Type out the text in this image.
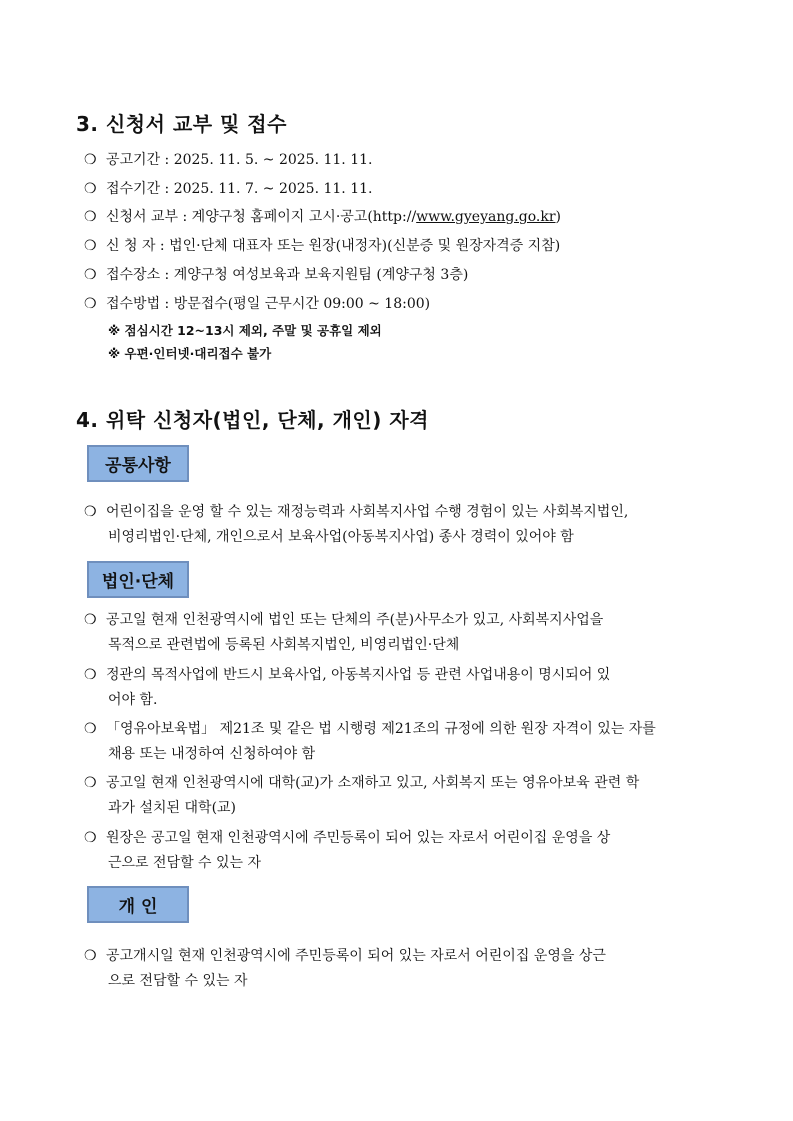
3. 신청서 교부 및 접수
❍ 공고기간 : 2025. 11. 5. ~ 2025. 11. 11.
❍ 접수기간 : 2025. 11. 7. ~ 2025. 11. 11.
❍ 신청서 교부 : 계양구청 홈페이지 고시·공고(http://www.gyeyang.go.kr)
❍ 신 청 자 : 법인·단체 대표자 또는 원장(내정자)(신분증 및 원장자격증 지참)
❍ 접수장소 : 계양구청 여성보육과 보육지원팀 (계양구청 3층)
❍ 접수방법 : 방문접수(평일 근무시간 09:00 ~ 18:00)
※ 점심시간 12~13시 제외, 주말 및 공휴일 제외
※ 우편·인터넷·대리접수 불가
4. 위탁 신청자(법인, 단체, 개인) 자격
공통사항
❍ 어린이집을 운영 할 수 있는 재정능력과 사회복지사업 수행 경험이 있는 사회복지법인,
비영리법인·단체, 개인으로서 보육사업(아동복지사업) 종사 경력이 있어야 함
법인·단체
❍ 공고일 현재 인천광역시에 법인 또는 단체의 주(분)사무소가 있고, 사회복지사업을
목적으로 관련법에 등록된 사회복지법인, 비영리법인·단체
❍ 정관의 목적사업에 반드시 보육사업, 아동복지사업 등 관련 사업내용이 명시되어 있
어야 함.
❍ 「영유아보육법」 제21조 및 같은 법 시행령 제21조의 규정에 의한 원장 자격이 있는 자를
채용 또는 내정하여 신청하여야 함
❍ 공고일 현재 인천광역시에 대학(교)가 소재하고 있고, 사회복지 또는 영유아보육 관련 학
과가 설치된 대학(교)
❍ 원장은 공고일 현재 인천광역시에 주민등록이 되어 있는 자로서 어린이집 운영을 상
근으로 전담할 수 있는 자
개 인
❍ 공고개시일 현재 인천광역시에 주민등록이 되어 있는 자로서 어린이집 운영을 상근
으로 전담할 수 있는 자
